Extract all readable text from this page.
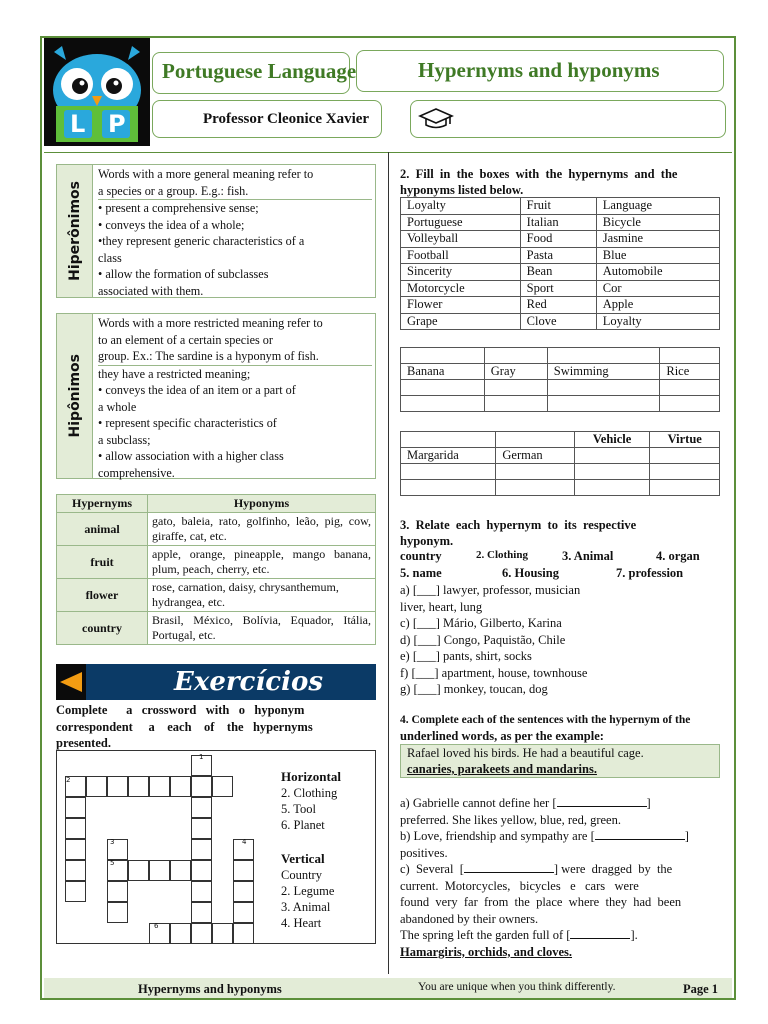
L P
Portuguese Language	Hypernyms and hyponyms
Professor Cleonice Xavier
Hiperônimos

Words with a more general meaning refer to

a species or a group. E.g.: fish.

• present a comprehensive sense;

• conveys the idea of a whole;

•they represent generic characteristics of a

class

• allow the formation of subclasses

associated with them.

Hipônimos

Words with a more restricted meaning refer to

to an element of a certain species or

group. Ex.: The sardine is a hyponym of fish.

they have a restricted meaning;

• conveys the idea of an item or a part of

a whole

• represent specific characteristics of

a subclass;

• allow association with a higher class

comprehensive.

Hypernyms	Hyponyms
animal	gato, baleia, rato, golfinho, leão, pig, cow, giraffe, cat, etc.
fruit	apple, orange, pineapple, mango banana, plum, peach, cherry, etc.
flower	rose, carnation, daisy, chrysanthemum, hydrangea, etc.
country	Brasil, México, Bolívia, Equador, Itália, Portugal, etc.
Exercícios
Complete      a   crossword   with   o   hyponym
correspondent     a    each    of    the   hypernyms
presented.
Horizontal
2. Clothing
5. Tool
6. Planet
Vertical
Country
2. Legume
3. Animal
4. Heart
1
2
3	4
5
6
2.  Fill  in  the  boxes  with  the  hypernyms  and  the
hyponyms listed below.
Loyalty	Fruit	Language
Portuguese	Italian	Bicycle
Volleyball	Food	Jasmine
Football	Pasta	Blue
Sincerity	Bean	Automobile
Motorcycle	Sport	Cor
Flower	Red	Apple
Grape	Clove	Loyalty

Banana	Gray	Swimming	Rice

		Vehicle	Virtue
Margarida	German		

3.  Relate  each  hypernym  to  its  respective
hyponym.
country	2. Clothing	3. Animal	4. organ
5. name	6. Housing	7. profession
a) [___] lawyer, professor, musician
liver, heart, lung
c) [___] Mário, Gilberto, Karina
d) [___] Congo, Paquistão, Chile
e) [___] pants, shirt, socks
f) [___] apartment, house, townhouse
g) [___] monkey, toucan, dog
4. Complete each of the sentences with the hypernym of the
underlined words, as per the example:
Rafael loved his birds. He had a beautiful cage.
canaries, parakeets and mandarins.
a) Gabrielle cannot define her [	]
preferred. She likes yellow, blue, red, green.
b) Love, friendship and sympathy are [	]
positives.
c)  Several  [	] were  dragged  by  the
current.  Motorcycles,   bicycles   e   cars   were
found  very  far  from  the  place  where  they  had  been
abandoned by their owners.
The spring left the garden full of [	].
Hamargiris, orchids, and cloves.
Hypernyms and hyponyms	You are unique when you think differently.	Page 1
